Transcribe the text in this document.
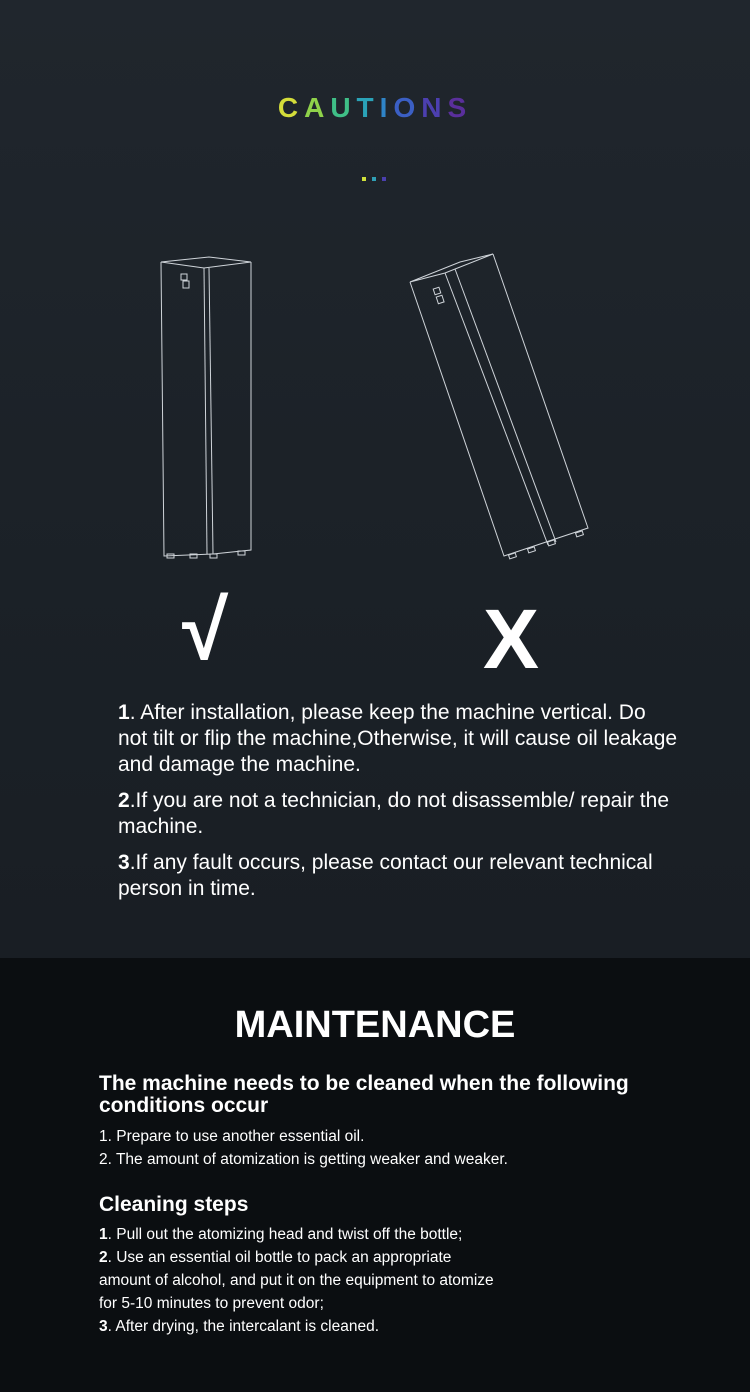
CAUTIONS
√	X

1. After installation, please keep the machine vertical. Do not tilt or flip the machine,Otherwise, it will cause oil leakage and damage the machine.

2.If you are not a technician, do not disassemble/ repair the machine.

3.If any fault occurs, please contact our relevant technical person in time.

MAINTENANCE
The machine needs to be cleaned when the following conditions occur
1. Prepare to use another essential oil.
2. The amount of atomization is getting weaker and weaker.
Cleaning steps
1. Pull out the atomizing head and twist off the bottle;
2. Use an essential oil bottle to pack an appropriate
amount of alcohol, and put it on the equipment to atomize
for 5-10 minutes to prevent odor;
3. After drying, the intercalant is cleaned.
